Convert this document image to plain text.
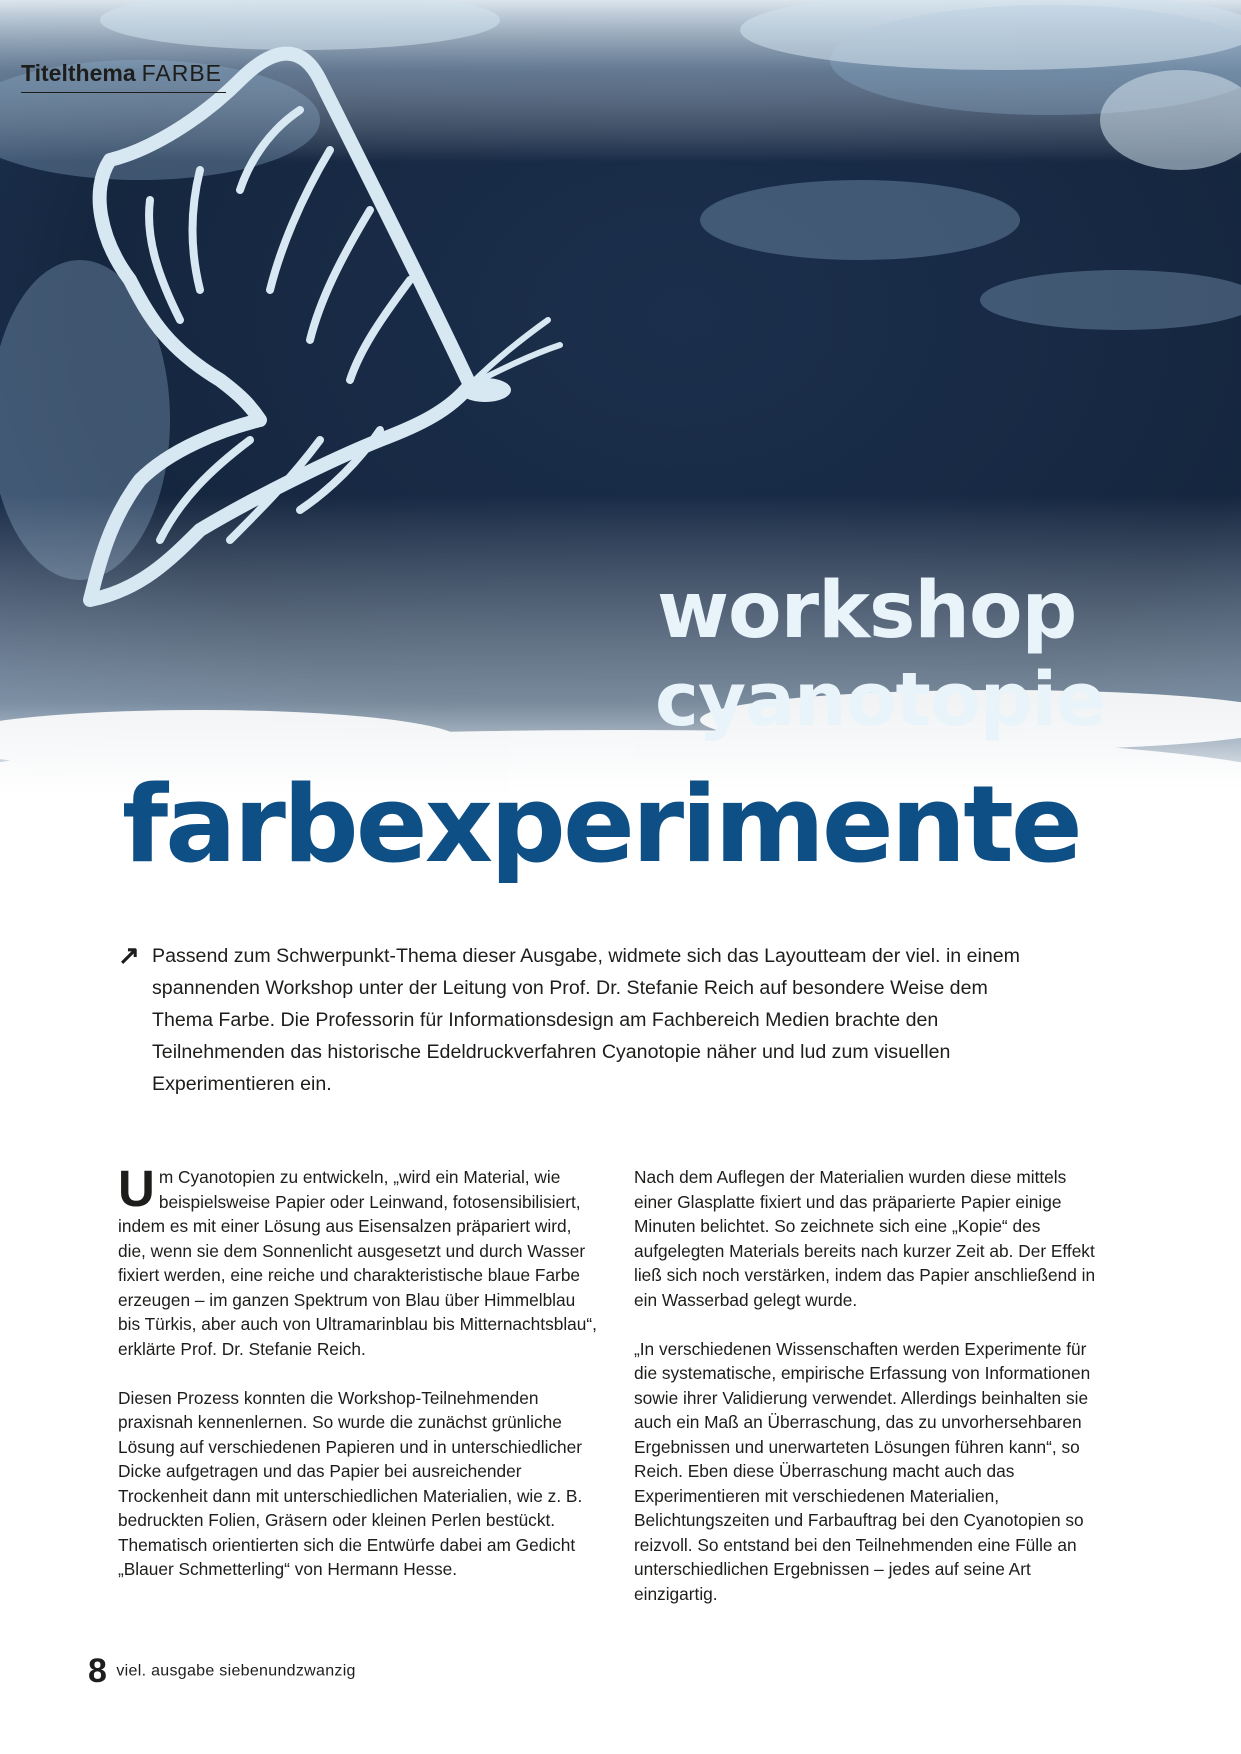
Titelthema FARBE
workshop
cyanotopie
farbexperimente
↗ Passend zum Schwerpunkt-Thema dieser Ausgabe, widmete sich das Layoutteam der viel. in einem spannenden Workshop unter der Leitung von Prof. Dr. Stefanie Reich auf besondere Weise dem Thema Farbe. Die Professorin für Informationsdesign am Fachbereich Medien brachte den Teilnehmenden das historische Edeldruckverfahren Cyanotopie näher und lud zum visuellen Experimentieren ein.

Um Cyanotopien zu entwickeln, „wird ein Material, wie beispielsweise Papier oder Leinwand, fotosensibilisiert, indem es mit einer Lösung aus Eisensalzen präpariert wird, die, wenn sie dem Sonnenlicht ausgesetzt und durch Wasser fixiert werden, eine reiche und charakteristische blaue Farbe erzeugen – im ganzen Spektrum von Blau über Himmelblau bis Türkis, aber auch von Ultramarinblau bis Mitternachtsblau“, erklärte Prof. Dr. Stefanie Reich.

Diesen Prozess konnten die Workshop-Teilnehmenden praxisnah kennenlernen. So wurde die zunächst grünliche Lösung auf verschiedenen Papieren und in unterschiedlicher Dicke aufgetragen und das Papier bei ausreichender Trockenheit dann mit unterschiedlichen Materialien, wie z. B. bedruckten Folien, Gräsern oder kleinen Perlen bestückt. Thematisch orientierten sich die Entwürfe dabei am Gedicht „Blauer Schmetterling“ von Hermann Hesse.

Nach dem Auflegen der Materialien wurden diese mittels einer Glasplatte fixiert und das präparierte Papier einige Minuten belichtet. So zeichnete sich eine „Kopie“ des aufgelegten Materials bereits nach kurzer Zeit ab. Der Effekt ließ sich noch verstärken, indem das Papier anschließend in ein Wasserbad gelegt wurde.

„In verschiedenen Wissenschaften werden Experimente für die systematische, empirische Erfassung von Informationen sowie ihrer Validierung verwendet. Allerdings beinhalten sie auch ein Maß an Überraschung, das zu unvorhersehbaren Ergebnissen und unerwarteten Lösungen führen kann“, so Reich. Eben diese Überraschung macht auch das Experimentieren mit verschiedenen Materialien, Belichtungszeiten und Farbauftrag bei den Cyanotopien so reizvoll. So entstand bei den Teilnehmenden eine Fülle an unterschiedlichen Ergebnissen – jedes auf seine Art einzigartig.

8 viel. ausgabe siebenundzwanzig
